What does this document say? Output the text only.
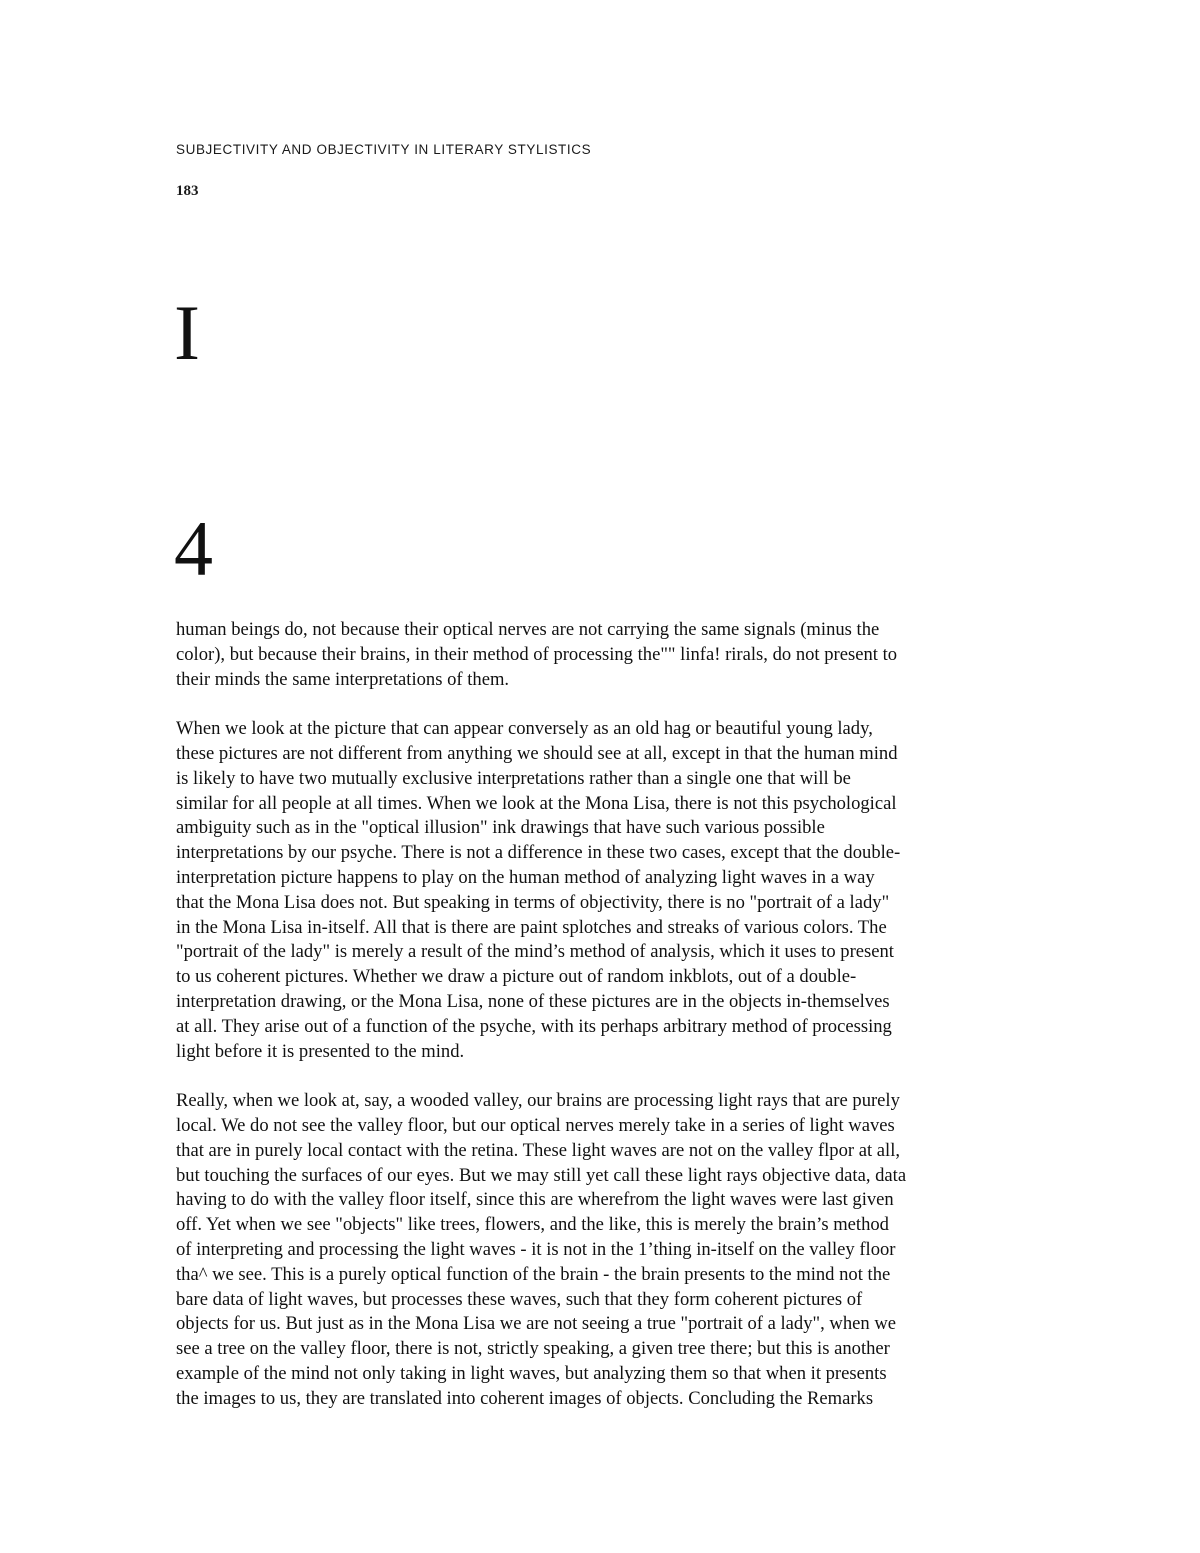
SUBJECTIVITY AND OBJECTIVITY IN LITERARY STYLISTICS
183
I
4

human beings do, not because their optical nerves are not carrying the same signals (minus the
color), but because their brains, in their method of processing the"" linfa! rirals, do not present to
their minds the same interpretations of them.

When we look at the picture that can appear conversely as an old hag or beautiful young lady,
these pictures are not different from anything we should see at all, except in that the human mind
is likely to have two mutually exclusive interpretations rather than a single one that will be
similar for all people at all times. When we look at the Mona Lisa, there is not this psychological
ambiguity such as in the "optical illusion" ink drawings that have such various possible
interpretations by our psyche. There is not a difference in these two cases, except that the double-
interpretation picture happens to play on the human method of analyzing light waves in a way
that the Mona Lisa does not. But speaking in terms of objectivity, there is no "portrait of a lady"
in the Mona Lisa in-itself. All that is there are paint splotches and streaks of various colors. The
"portrait of the lady" is merely a result of the mind’s method of analysis, which it uses to present
to us coherent pictures. Whether we draw a picture out of random inkblots, out of a double-
interpretation drawing, or the Mona Lisa, none of these pictures are in the objects in-themselves
at all. They arise out of a function of the psyche, with its perhaps arbitrary method of processing
light before it is presented to the mind.

Really, when we look at, say, a wooded valley, our brains are processing light rays that are purely
local. We do not see the valley floor, but our optical nerves merely take in a series of light waves
that are in purely local contact with the retina. These light waves are not on the valley flpor at all,
but touching the surfaces of our eyes. But we may still yet call these light rays objective data, data
having to do with the valley floor itself, since this are wherefrom the light waves were last given
off. Yet when we see "objects" like trees, flowers, and the like, this is merely the brain’s method
of interpreting and processing the light waves - it is not in the 1’thing in-itself on the valley floor
tha^ we see. This is a purely optical function of the brain - the brain presents to the mind not the
bare data of light waves, but processes these waves, such that they form coherent pictures of
objects for us. But just as in the Mona Lisa we are not seeing a true "portrait of a lady", when we
see a tree on the valley floor, there is not, strictly speaking, a given tree there; but this is another
example of the mind not only taking in light waves, but analyzing them so that when it presents
the images to us, they are translated into coherent images of objects. Concluding the Remarks
